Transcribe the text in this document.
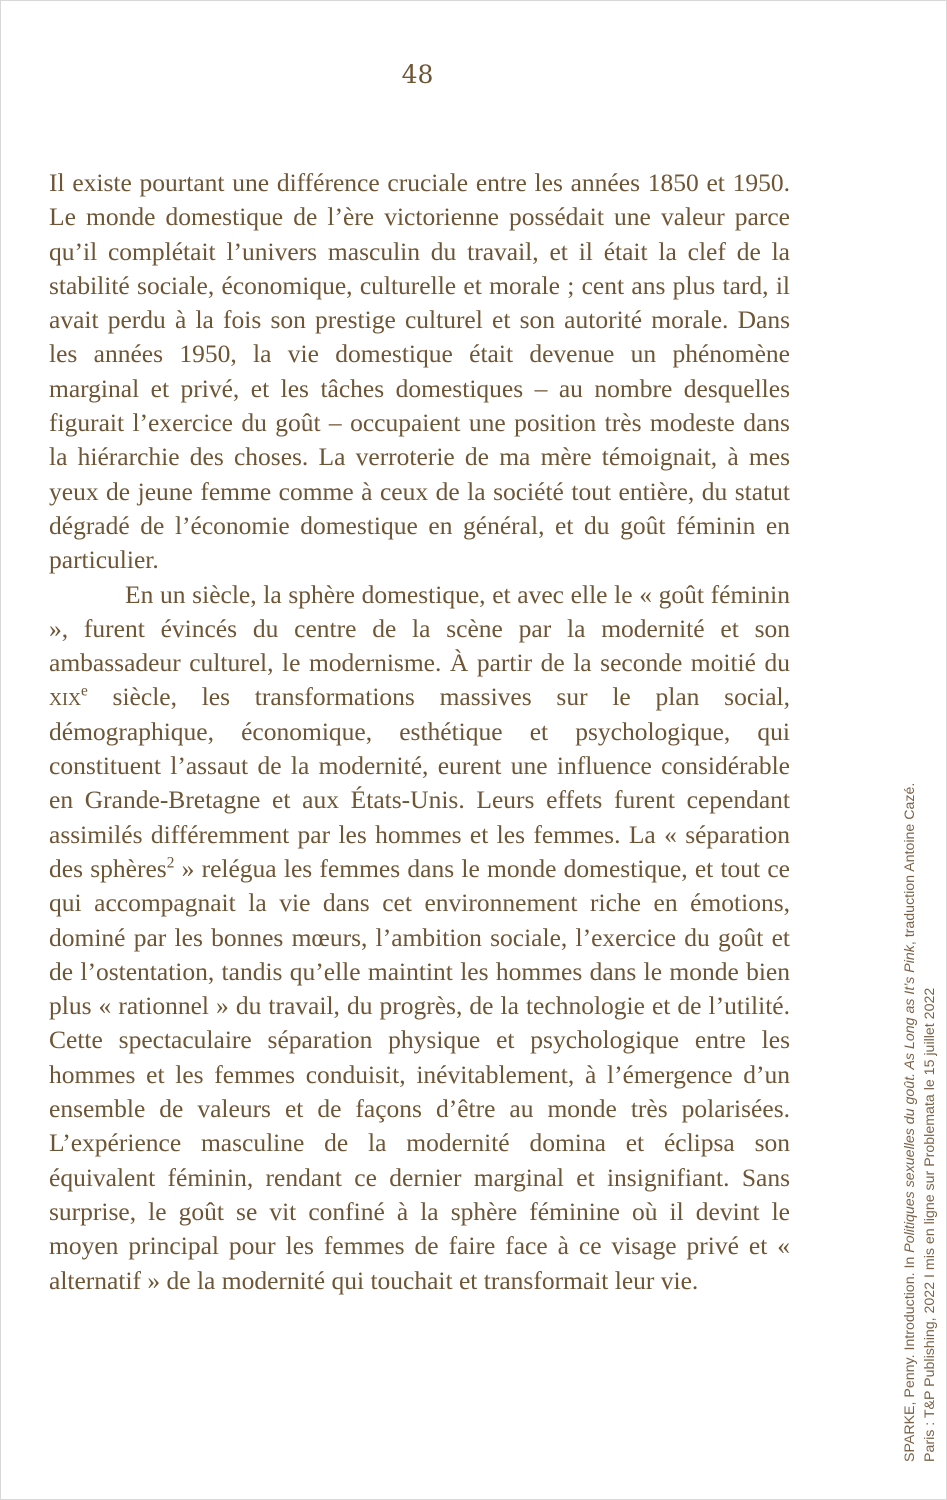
48

Il existe pourtant une différence cruciale entre les années 1850 et 1950. Le monde domestique de l’ère victorienne possédait une valeur parce qu’il complétait l’univers masculin du travail, et il était la clef de la stabilité sociale, économique, culturelle et morale ; cent ans plus tard, il avait perdu à la fois son prestige culturel et son autorité morale. Dans les années 1950, la vie domestique était devenue un phénomène marginal et privé, et les tâches domestiques – au nombre desquelles figurait l’exercice du goût – occupaient une position très modeste dans la hiérarchie des choses. La verroterie de ma mère témoignait, à mes yeux de jeune femme comme à ceux de la société tout entière, du statut dégradé de l’économie domestique en général, et du goût féminin en particulier.

En un siècle, la sphère domestique, et avec elle le « goût féminin », furent évincés du centre de la scène par la modernité et son ambassadeur culturel, le modernisme. À partir de la seconde moitié du xix$^e$ siècle, les transformations massives sur le plan social, démographique, économique, esthétique et psychologique, qui constituent l’assaut de la modernité, eurent une influence considérable en Grande-Bretagne et aux États-Unis. Leurs effets furent cependant assimilés différemment par les hommes et les femmes. La « séparation des sphères$^2$ » relégua les femmes dans le monde domestique, et tout ce qui accompagnait la vie dans cet environnement riche en émotions, dominé par les bonnes mœurs, l’ambition sociale, l’exercice du goût et de l’ostentation, tandis qu’elle maintint les hommes dans le monde bien plus « rationnel » du travail, du progrès, de la technologie et de l’utilité. Cette spectaculaire séparation physique et psychologique entre les hommes et les femmes conduisit, inévitablement, à l’émergence d’un ensemble de valeurs et de façons d’être au monde très polarisées. L’expérience masculine de la modernité domina et éclipsa son équivalent féminin, rendant ce dernier marginal et insignifiant. Sans surprise, le goût se vit confiné à la sphère féminine où il devint le moyen principal pour les femmes de faire face à ce visage privé et « alternatif » de la modernité qui touchait et transformait leur vie.	SPARKE, Penny. Introduction. In Politiques sexuelles du goût. As Long as It’s Pink, traduction Antoine Cazé.
Paris : T&P Publishing, 2022 I mis en ligne sur Problemata le 15 juillet 2022
